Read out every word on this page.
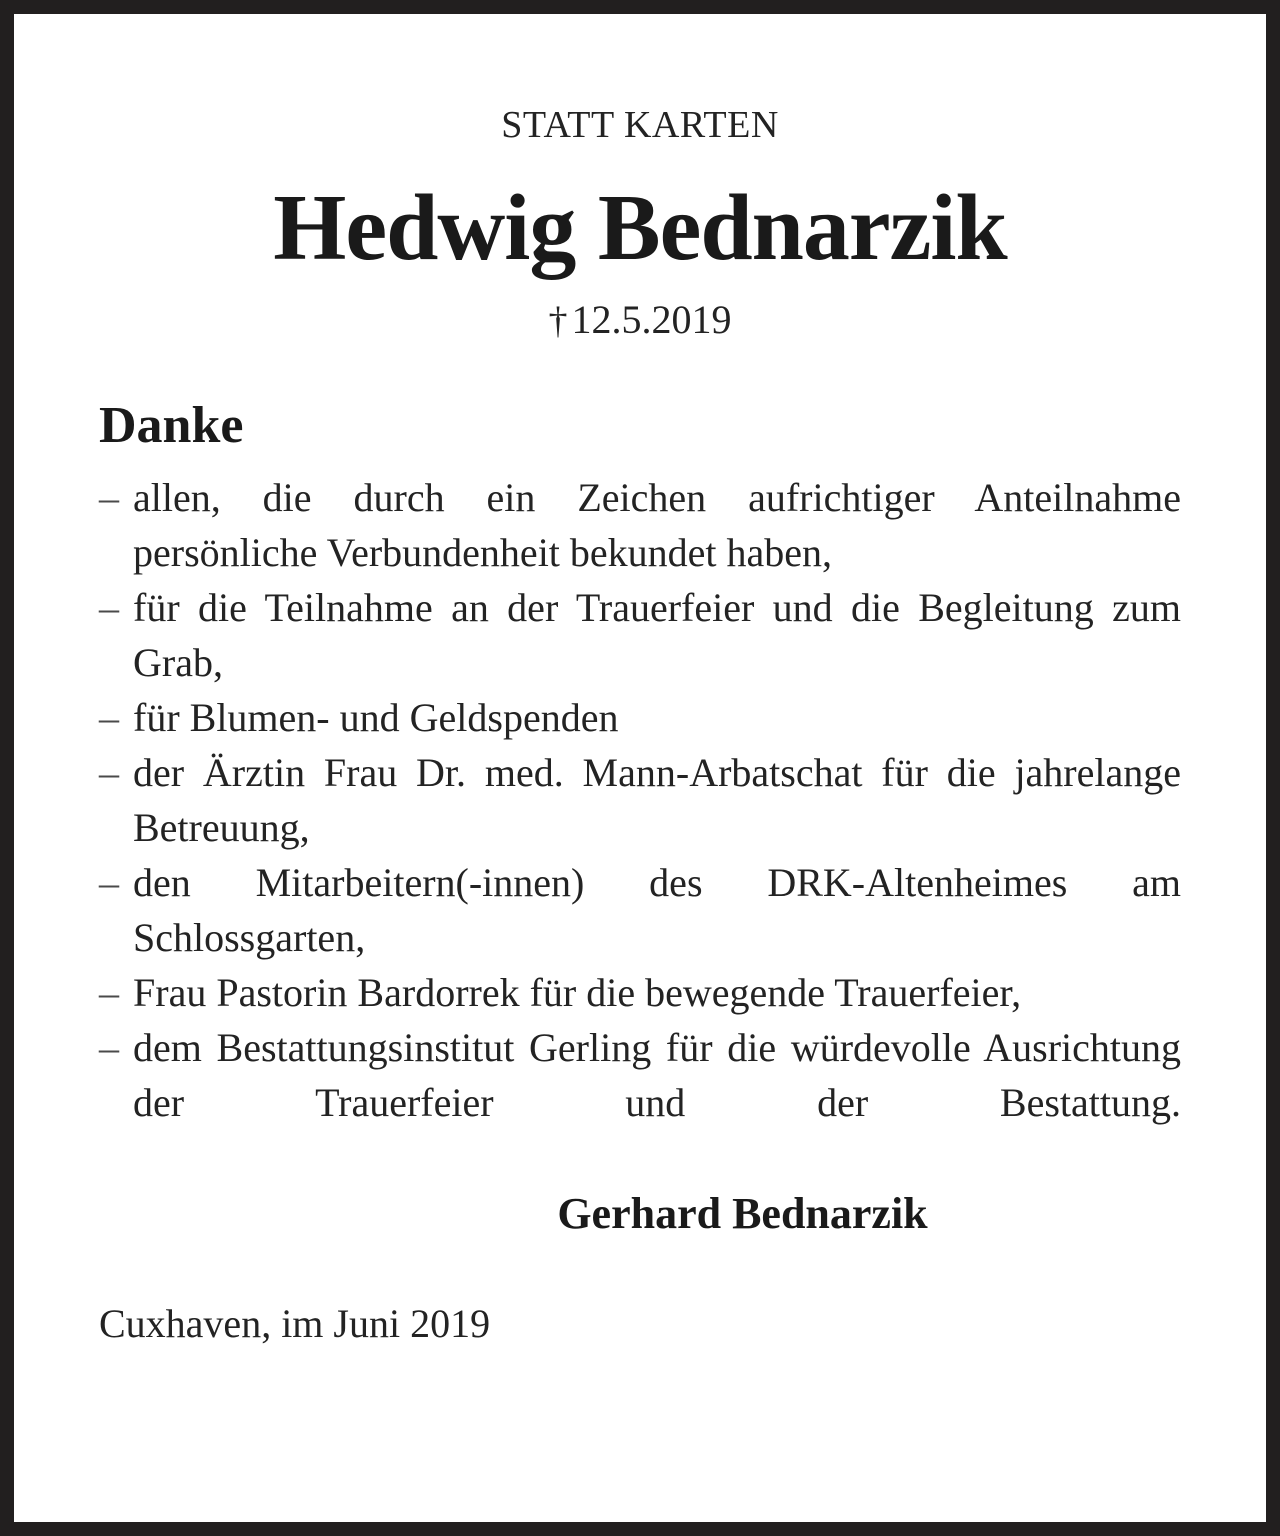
STATT KARTEN
Hedwig Bednarzik
† 12.5.2019
Danke
– allen, die durch ein Zeichen aufrichtiger Anteilnahme persönliche Verbundenheit bekundet haben,
– für die Teilnahme an der Trauerfeier und die Begleitung zum Grab,
– für Blumen- und Geldspenden
– der Ärztin Frau Dr. med. Mann-Arbatschat für die jahrelange Betreuung,
– den Mitarbeitern(-innen) des DRK-Altenheimes am Schlossgarten,
– Frau Pastorin Bardorrek für die bewegende Trauerfeier,
– dem Bestattungsinstitut Gerling für die würdevolle Ausrichtung der Trauerfeier und der Bestattung.
Gerhard Bednarzik
Cuxhaven, im Juni 2019
